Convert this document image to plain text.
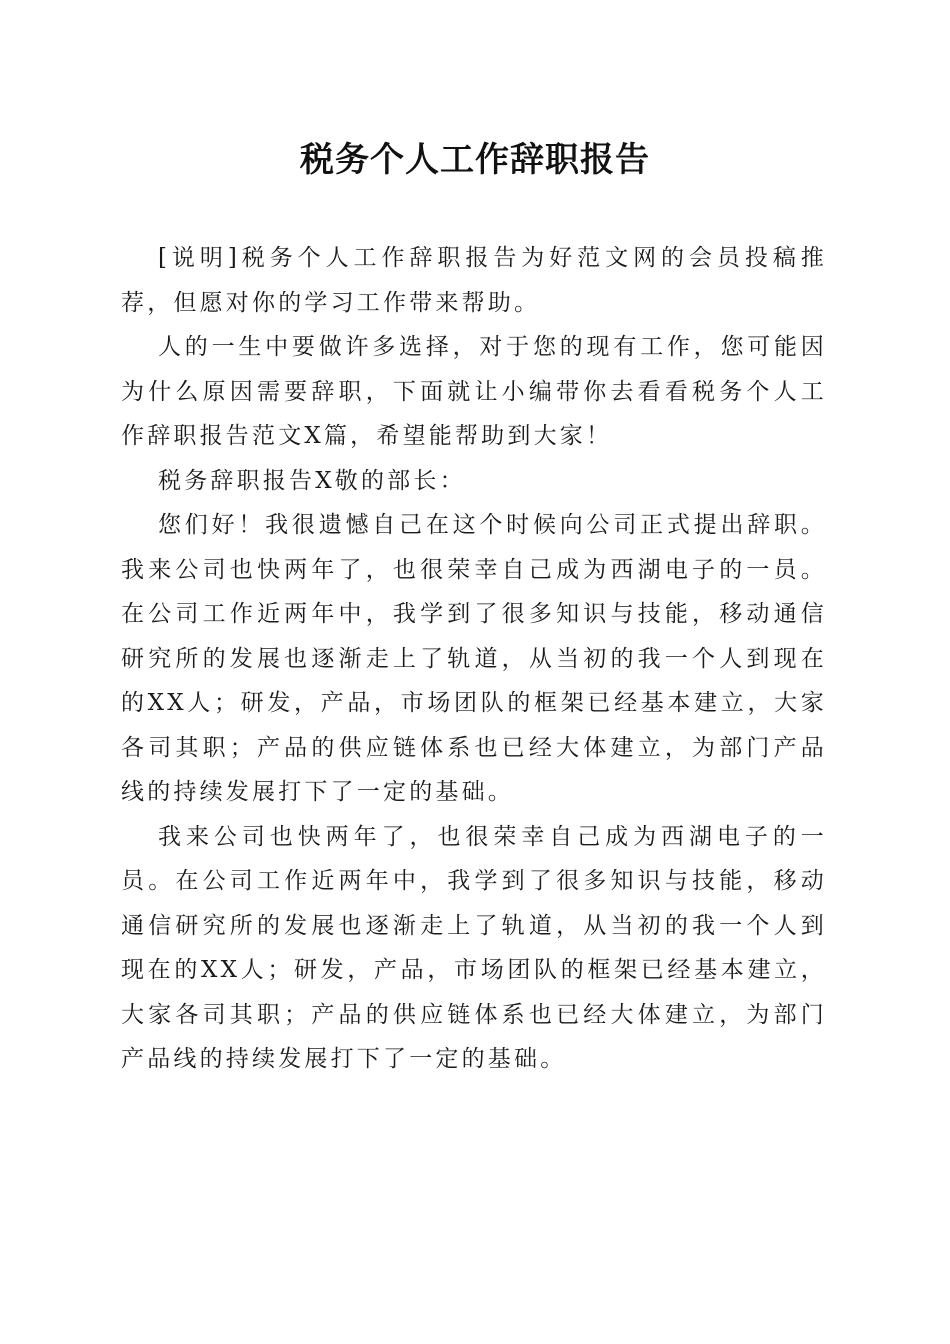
税务个人工作辞职报告

[说明]税务个人工作辞职报告为好范文网的会员投稿推荐，但愿对你的学习工作带来帮助。

人的一生中要做许多选择，对于您的现有工作，您可能因为什么原因需要辞职，下面就让小编带你去看看税务个人工作辞职报告范文X篇，希望能帮助到大家！

税务辞职报告X敬的部长：

您们好！我很遗憾自己在这个时候向公司正式提出辞职。我来公司也快两年了，也很荣幸自己成为西湖电子的一员。在公司工作近两年中，我学到了很多知识与技能，移动通信研究所的发展也逐渐走上了轨道，从当初的我一个人到现在的XX人；研发，产品，市场团队的框架已经基本建立，大家各司其职；产品的供应链体系也已经大体建立，为部门产品线的持续发展打下了一定的基础。

我来公司也快两年了，也很荣幸自己成为西湖电子的一员。在公司工作近两年中，我学到了很多知识与技能，移动通信研究所的发展也逐渐走上了轨道，从当初的我一个人到现在的XX人；研发，产品，市场团队的框架已经基本建立，大家各司其职；产品的供应链体系也已经大体建立，为部门产品线的持续发展打下了一定的基础。
